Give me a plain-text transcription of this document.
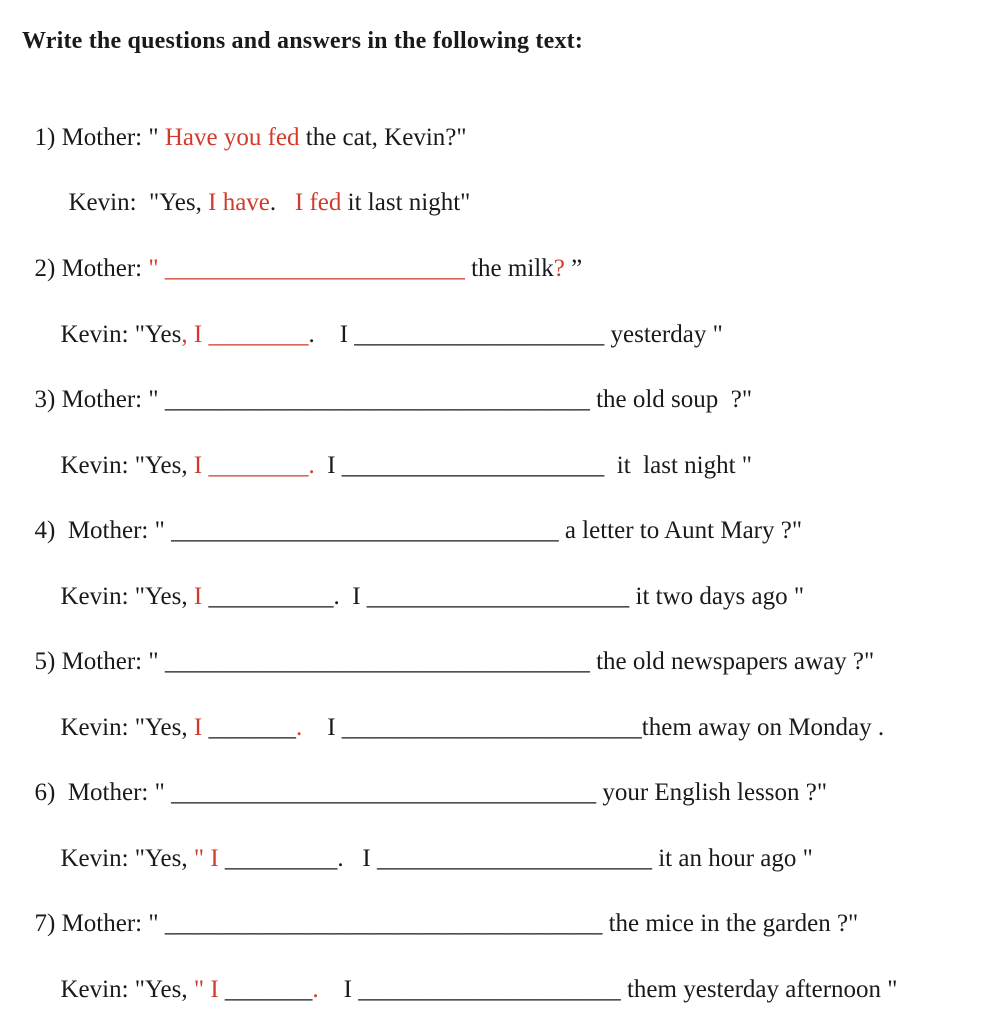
Write the questions and answers in the following text:

1) Mother: " Have you fed the cat, Kevin?"

Kevin:  "Yes, I have.   I fed it last night"

2) Mother: " ________________________ the milk? ”

Kevin: "Yes, I ________.    I ____________________ yesterday "

3) Mother: " __________________________________ the old soup  ?"

Kevin: "Yes, I ________.  I _____________________  it  last night "

4)  Mother: " _______________________________ a letter to Aunt Mary ?"

Kevin: "Yes, I __________.  I _____________________ it two days ago "

5) Mother: " __________________________________ the old newspapers away ?"

Kevin: "Yes, I _______.    I ________________________them away on Monday .

6)  Mother: " __________________________________ your English lesson ?"

Kevin: "Yes, " I _________.   I ______________________ it an hour ago "

7) Mother: " ___________________________________ the mice in the garden ?"

Kevin: "Yes, " I _______.    I _____________________ them yesterday afternoon "
